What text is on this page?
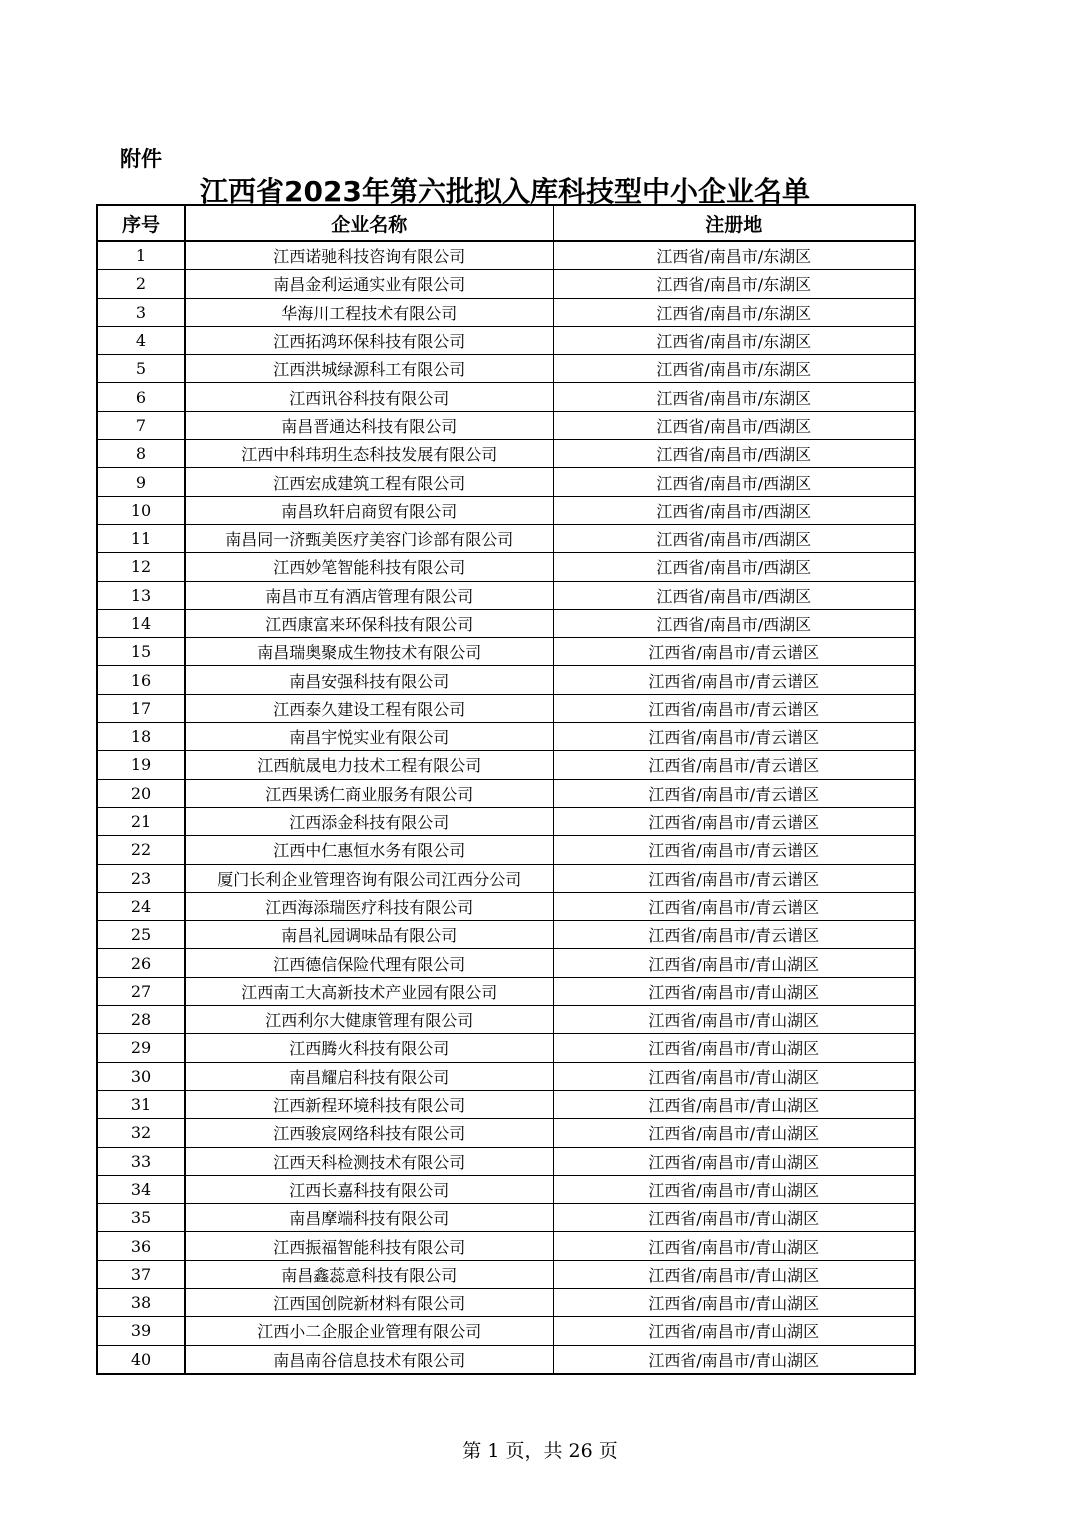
附件
江西省2023年第六批拟入库科技型中小企业名单
序号	企业名称	注册地
1	江西诺驰科技咨询有限公司	江西省/南昌市/东湖区
2	南昌金利运通实业有限公司	江西省/南昌市/东湖区
3	华海川工程技术有限公司	江西省/南昌市/东湖区
4	江西拓鸿环保科技有限公司	江西省/南昌市/东湖区
5	江西洪城绿源科工有限公司	江西省/南昌市/东湖区
6	江西讯谷科技有限公司	江西省/南昌市/东湖区
7	南昌晋通达科技有限公司	江西省/南昌市/西湖区
8	江西中科玮玥生态科技发展有限公司	江西省/南昌市/西湖区
9	江西宏成建筑工程有限公司	江西省/南昌市/西湖区
10	南昌玖轩启商贸有限公司	江西省/南昌市/西湖区
11	南昌同一济甄美医疗美容门诊部有限公司	江西省/南昌市/西湖区
12	江西妙笔智能科技有限公司	江西省/南昌市/西湖区
13	南昌市互有酒店管理有限公司	江西省/南昌市/西湖区
14	江西康富来环保科技有限公司	江西省/南昌市/西湖区
15	南昌瑞奥聚成生物技术有限公司	江西省/南昌市/青云谱区
16	南昌安强科技有限公司	江西省/南昌市/青云谱区
17	江西泰久建设工程有限公司	江西省/南昌市/青云谱区
18	南昌宇悦实业有限公司	江西省/南昌市/青云谱区
19	江西航晟电力技术工程有限公司	江西省/南昌市/青云谱区
20	江西果诱仁商业服务有限公司	江西省/南昌市/青云谱区
21	江西添金科技有限公司	江西省/南昌市/青云谱区
22	江西中仁惠恒水务有限公司	江西省/南昌市/青云谱区
23	厦门长利企业管理咨询有限公司江西分公司	江西省/南昌市/青云谱区
24	江西海添瑞医疗科技有限公司	江西省/南昌市/青云谱区
25	南昌礼园调味品有限公司	江西省/南昌市/青云谱区
26	江西德信保险代理有限公司	江西省/南昌市/青山湖区
27	江西南工大高新技术产业园有限公司	江西省/南昌市/青山湖区
28	江西利尔大健康管理有限公司	江西省/南昌市/青山湖区
29	江西腾火科技有限公司	江西省/南昌市/青山湖区
30	南昌耀启科技有限公司	江西省/南昌市/青山湖区
31	江西新程环境科技有限公司	江西省/南昌市/青山湖区
32	江西骏宸网络科技有限公司	江西省/南昌市/青山湖区
33	江西天科检测技术有限公司	江西省/南昌市/青山湖区
34	江西长嘉科技有限公司	江西省/南昌市/青山湖区
35	南昌摩端科技有限公司	江西省/南昌市/青山湖区
36	江西振福智能科技有限公司	江西省/南昌市/青山湖区
37	南昌鑫蕊意科技有限公司	江西省/南昌市/青山湖区
38	江西国创院新材料有限公司	江西省/南昌市/青山湖区
39	江西小二企服企业管理有限公司	江西省/南昌市/青山湖区
40	南昌南谷信息技术有限公司	江西省/南昌市/青山湖区
第 1 页，共 26 页
